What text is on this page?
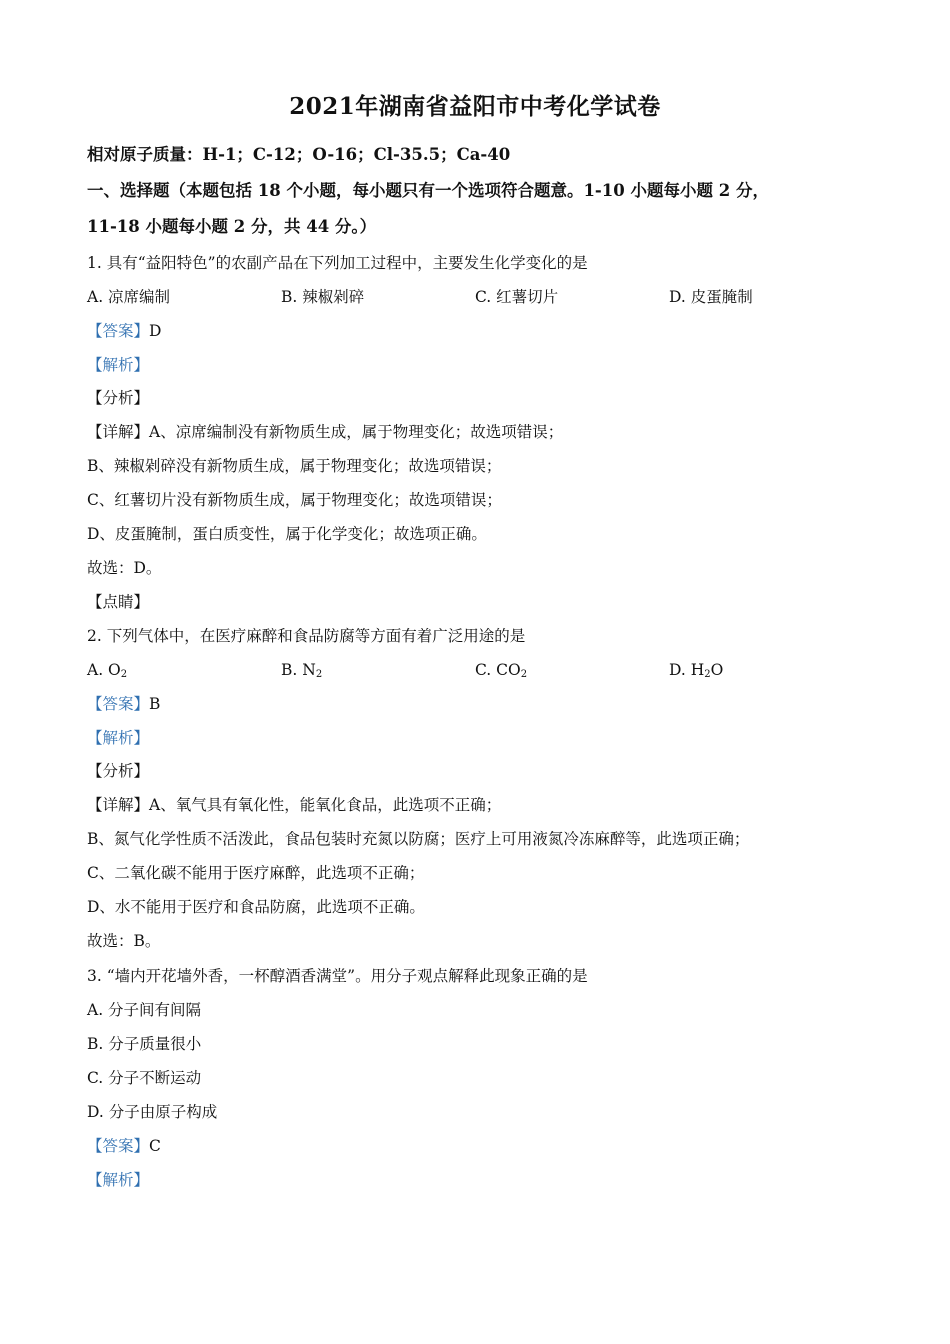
2021年湖南省益阳市中考化学试卷
相对原子质量：H-1；C-12；O-16；Cl-35.5；Ca-40
一、选择题（本题包括 18 个小题，每小题只有一个选项符合题意。1-10 小题每小题 2 分，
11-18 小题每小题 2 分，共 44 分。）
1. 具有“益阳特色”的农副产品在下列加工过程中，主要发生化学变化的是
A. 凉席编制	B. 辣椒剁碎	C. 红薯切片	D. 皮蛋腌制
【答案】D
【解析】
【分析】
【详解】A、凉席编制没有新物质生成，属于物理变化；故选项错误；
B、辣椒剁碎没有新物质生成，属于物理变化；故选项错误；
C、红薯切片没有新物质生成，属于物理变化；故选项错误；
D、皮蛋腌制，蛋白质变性，属于化学变化；故选项正确。
故选：D。
【点睛】
2. 下列气体中，在医疗麻醉和食品防腐等方面有着广泛用途的是
A. $O_2$	B. $N_2$	C. $CO_2$	D. $H_2O$
【答案】B
【解析】
【分析】
【详解】A、氧气具有氧化性，能氧化食品，此选项不正确；
B、氮气化学性质不活泼此，食品包装时充氮以防腐；医疗上可用液氮冷冻麻醉等，此选项正确；
C、二氧化碳不能用于医疗麻醉，此选项不正确；
D、水不能用于医疗和食品防腐，此选项不正确。
故选：B。
3. “墙内开花墙外香，一杯醇酒香满堂”。用分子观点解释此现象正确的是
A. 分子间有间隔
B. 分子质量很小
C. 分子不断运动
D. 分子由原子构成
【答案】C
【解析】
